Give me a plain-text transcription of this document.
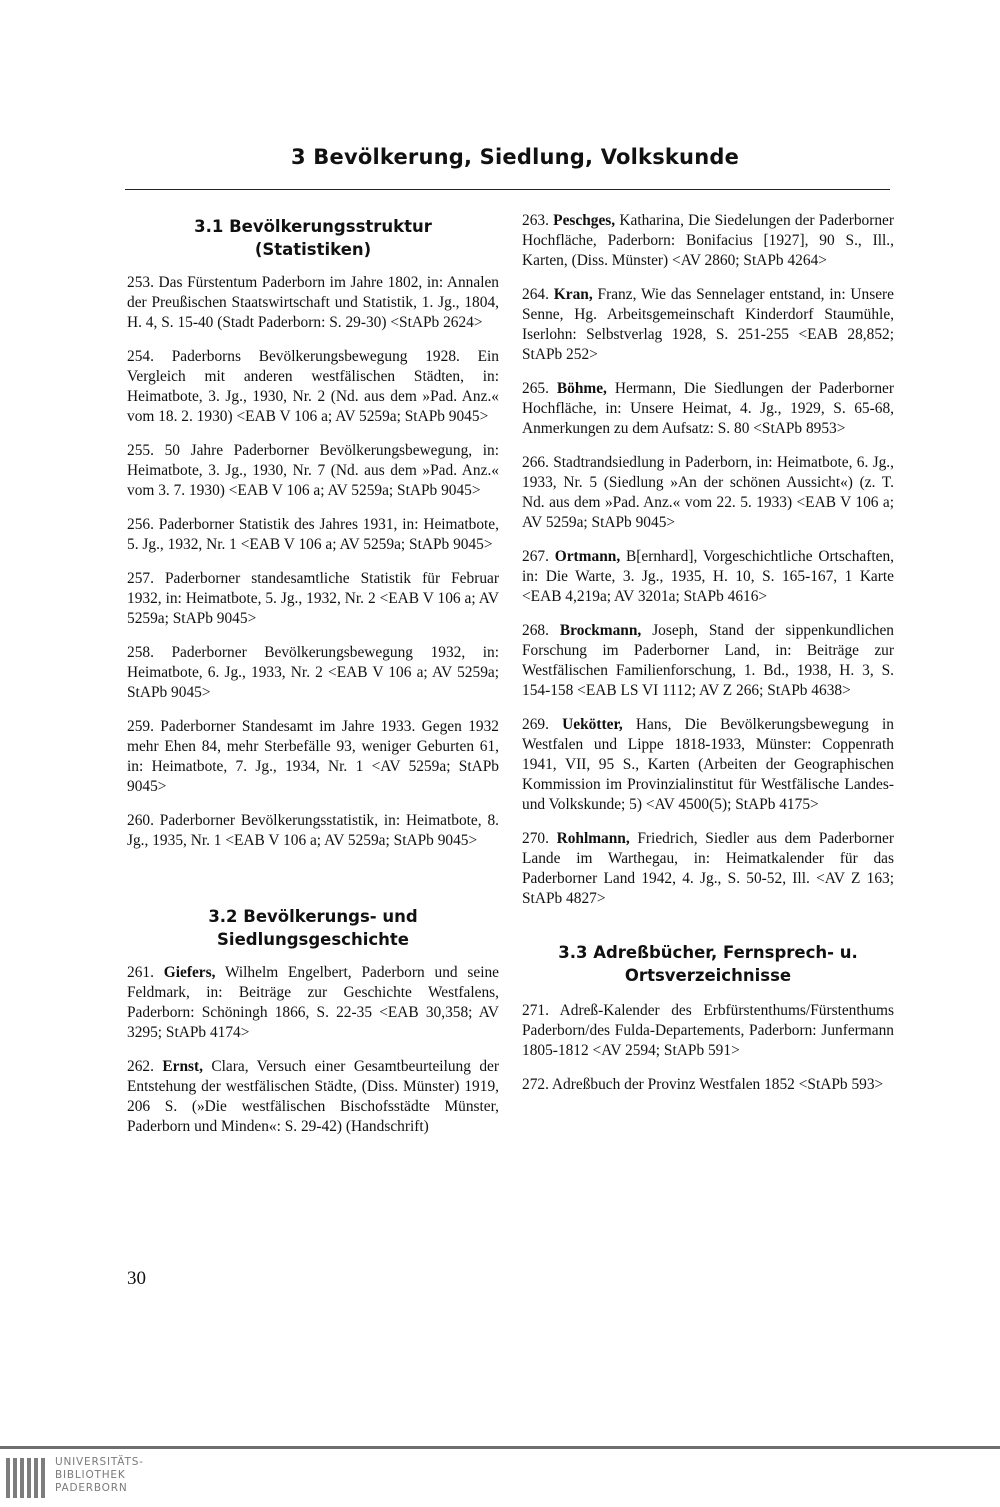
3 Bevölkerung, Siedlung, Volkskunde
3.1 Bevölkerungsstruktur
(Statistiken)

253. Das Fürstentum Paderborn im Jahre 1802, in: Annalen der Preußischen Staatswirtschaft und Statistik, 1. Jg., 1804, H. 4, S. 15-40 (Stadt Paderborn: S. 29-30) <StAPb 2624>

254. Paderborns Bevölkerungsbewegung 1928. Ein Vergleich mit anderen westfälischen Städten, in: Heimatbote, 3. Jg., 1930, Nr. 2 (Nd. aus dem »Pad. Anz.« vom 18. 2. 1930) <EAB V 106 a; AV 5259a; StAPb 9045>

255. 50 Jahre Paderborner Bevölkerungsbewegung, in: Heimatbote, 3. Jg., 1930, Nr. 7 (Nd. aus dem »Pad. Anz.« vom 3. 7. 1930) <EAB V 106 a; AV 5259a; StAPb 9045>

256. Paderborner Statistik des Jahres 1931, in: Heimatbote, 5. Jg., 1932, Nr. 1 <EAB V 106 a; AV 5259a; StAPb 9045>

257. Paderborner standesamtliche Statistik für Februar 1932, in: Heimatbote, 5. Jg., 1932, Nr. 2 <EAB V 106 a; AV 5259a; StAPb 9045>

258. Paderborner Bevölkerungsbewegung 1932, in: Heimatbote, 6. Jg., 1933, Nr. 2 <EAB V 106 a; AV 5259a; StAPb 9045>

259. Paderborner Standesamt im Jahre 1933. Gegen 1932 mehr Ehen 84, mehr Sterbefälle 93, weniger Geburten 61, in: Heimatbote, 7. Jg., 1934, Nr. 1 <AV 5259a; StAPb 9045>

260. Paderborner Bevölkerungsstatistik, in: Heimatbote, 8. Jg., 1935, Nr. 1 <EAB V 106 a; AV 5259a; StAPb 9045>

3.2 Bevölkerungs- und
Siedlungsgeschichte

261. Giefers, Wilhelm Engelbert, Paderborn und seine Feldmark, in: Beiträge zur Geschichte Westfalens, Paderborn: Schöningh 1866, S. 22-35 <EAB 30,358; AV 3295; StAPb 4174>

262. Ernst, Clara, Versuch einer Gesamtbeurteilung der Entstehung der westfälischen Städte, (Diss. Münster) 1919, 206 S. (»Die westfälischen Bischofsstädte Münster, Paderborn und Minden«: S. 29-42) (Handschrift)

263. Peschges, Katharina, Die Siedelungen der Paderborner Hochfläche, Paderborn: Bonifacius [1927], 90 S., Ill., Karten, (Diss. Münster) <AV 2860; StAPb 4264>

264. Kran, Franz, Wie das Sennelager entstand, in: Unsere Senne, Hg. Arbeitsgemeinschaft Kinderdorf Staumühle, Iserlohn: Selbstverlag 1928, S. 251-255 <EAB 28,852; StAPb 252>

265. Böhme, Hermann, Die Siedlungen der Paderborner Hochfläche, in: Unsere Heimat, 4. Jg., 1929, S. 65-68, Anmerkungen zu dem Aufsatz: S. 80 <StAPb 8953>

266. Stadtrandsiedlung in Paderborn, in: Heimatbote, 6. Jg., 1933, Nr. 5 (Siedlung »An der schönen Aussicht«) (z. T. Nd. aus dem »Pad. Anz.« vom 22. 5. 1933) <EAB V 106 a; AV 5259a; StAPb 9045>

267. Ortmann, B[ernhard], Vorgeschichtliche Ortschaften, in: Die Warte, 3. Jg., 1935, H. 10, S. 165-167, 1 Karte <EAB 4,219a; AV 3201a; StAPb 4616>

268. Brockmann, Joseph, Stand der sippenkundlichen Forschung im Paderborner Land, in: Beiträge zur Westfälischen Familienforschung, 1. Bd., 1938, H. 3, S. 154-158 <EAB LS VI 1112; AV Z 266; StAPb 4638>

269. Uekötter, Hans, Die Bevölkerungsbewegung in Westfalen und Lippe 1818-1933, Münster: Coppenrath 1941, VII, 95 S., Karten (Arbeiten der Geographischen Kommission im Provinzialinstitut für Westfälische Landes- und Volkskunde; 5) <AV 4500(5); StAPb 4175>

270. Rohlmann, Friedrich, Siedler aus dem Paderborner Lande im Warthegau, in: Heimatkalender für das Paderborner Land 1942, 4. Jg., S. 50-52, Ill. <AV Z 163; StAPb 4827>

3.3 Adreßbücher, Fernsprech- u.
Ortsverzeichnisse

271. Adreß-Kalender des Erbfürstenthums/Fürstenthums Paderborn/des Fulda-Departements, Paderborn: Junfermann 1805-1812 <AV 2594; StAPb 591>

272. Adreßbuch der Provinz Westfalen 1852 <StAPb 593>

30
UNIVERSITÄTS-
BIBLIOTHEK
PADERBORN
